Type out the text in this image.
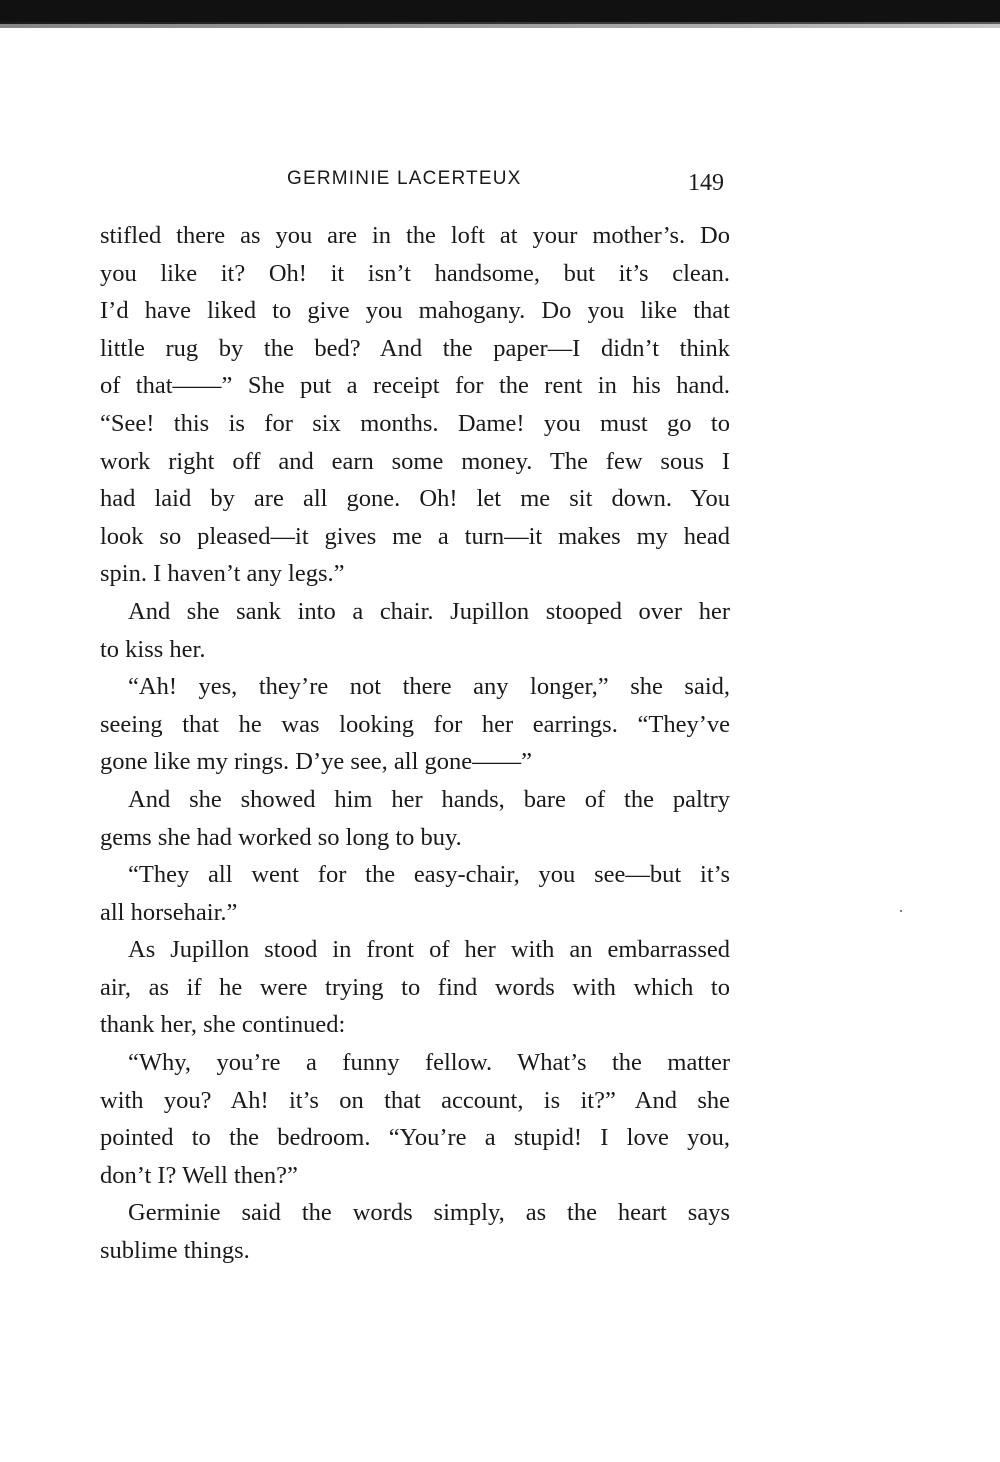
GERMINIE LACERTEUX	149
stifled there as you are in the loft at your mother’s. Do
you like it? Oh! it isn’t handsome, but it’s clean.
I’d have liked to give you mahogany. Do you like that
little rug by the bed? And the paper—I didn’t think
of that——” She put a receipt for the rent in his hand.
“See! this is for six months. Dame! you must go to
work right off and earn some money. The few sous I
had laid by are all gone. Oh! let me sit down. You
look so pleased—it gives me a turn—it makes my head
spin. I haven’t any legs.”
And she sank into a chair. Jupillon stooped over her
to kiss her.
“Ah! yes, they’re not there any longer,” she said,
seeing that he was looking for her earrings. “They’ve
gone like my rings. D’ye see, all gone——”
And she showed him her hands, bare of the paltry
gems she had worked so long to buy.
“They all went for the easy-chair, you see—but it’s
all horsehair.”
As Jupillon stood in front of her with an embarrassed
air, as if he were trying to find words with which to
thank her, she continued:
“Why, you’re a funny fellow. What’s the matter
with you? Ah! it’s on that account, is it?” And she
pointed to the bedroom. “You’re a stupid! I love you,
don’t I? Well then?”
Germinie said the words simply, as the heart says
sublime things.
